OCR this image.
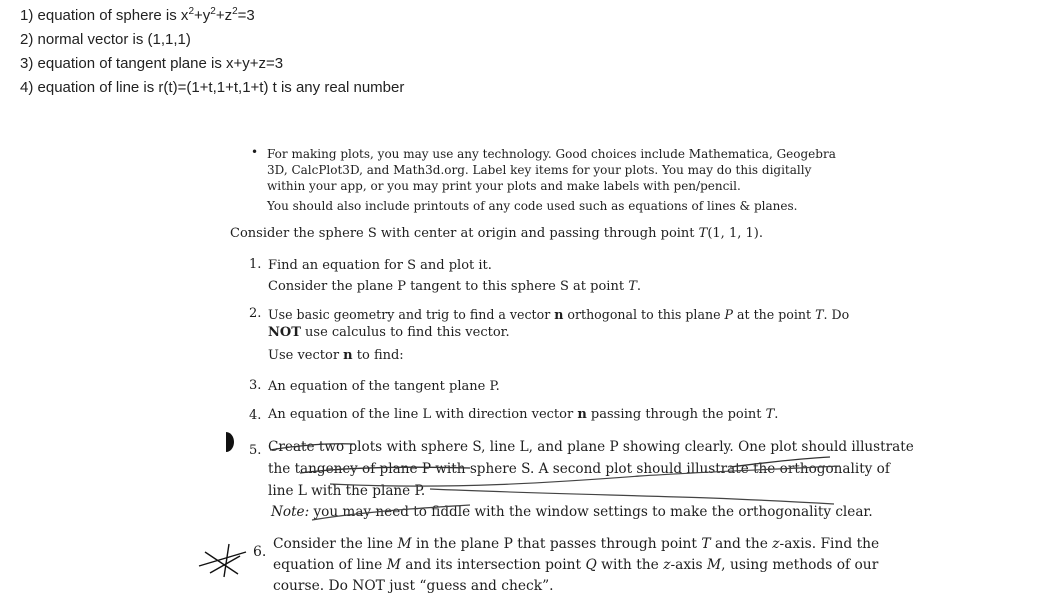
1) equation of sphere is $x^2+y^2+z^2=3$
2) normal vector is (1,1,1)
3) equation of tangent plane is x+y+z=3
4) equation of line is r(t)=(1+t,1+t,1+t) t is any real number
• For making plots, you may use any technology. Good choices include Mathematica, Geogebra
3D, CalcPlot3D, and Math3d.org. Label key items for your plots. You may do this digitally
within your app, or you may print your plots and make labels with pen/pencil.
You should also include printouts of any code used such as equations of lines & planes.
Consider the sphere S with center at origin and passing through point T(1, 1, 1).
1. Find an equation for S and plot it.
Consider the plane P tangent to this sphere S at point T.
2. Use basic geometry and trig to find a vector n orthogonal to this plane P at the point T. Do
NOT use calculus to find this vector.
Use vector n to find:
3. An equation of the tangent plane P.
4. An equation of the line L with direction vector n passing through the point T.
5. Create two plots with sphere S, line L, and plane P showing clearly. One plot should illustrate
the tangency of plane P with sphere S. A second plot should illustrate the orthogonality of
line L with the plane P.
Note: you may need to fiddle with the window settings to make the orthogonality clear.
6. Consider the line M in the plane P that passes through point T and the z-axis. Find the
equation of line M and its intersection point Q with the z-axis M, using methods of our
course. Do NOT just “guess and check”.
